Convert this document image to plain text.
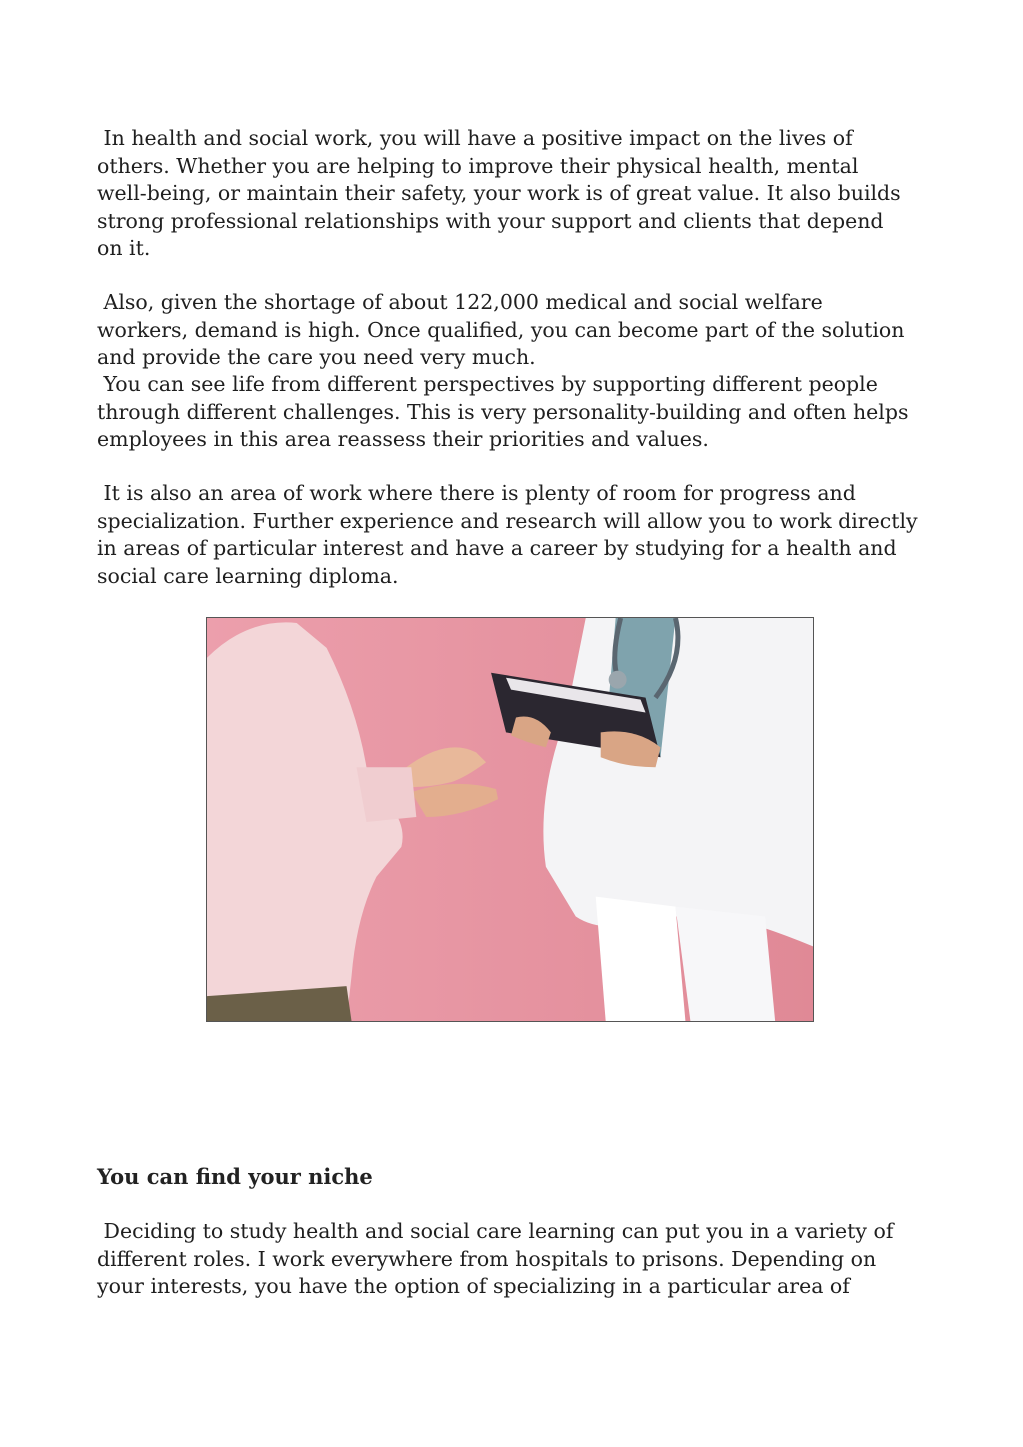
In health and social work, you will have a positive impact on the lives of
others. Whether you are helping to improve their physical health, mental
well-being, or maintain their safety, your work is of great value. It also builds
strong professional relationships with your support and clients that depend
on it.

Also, given the shortage of about 122,000 medical and social welfare
workers, demand is high. Once qualified, you can become part of the solution
and provide the care you need very much.

You can see life from different perspectives by supporting different people
through different challenges. This is very personality-building and often helps
employees in this area reassess their priorities and values.

It is also an area of work where there is plenty of room for progress and
specialization. Further experience and research will allow you to work directly
in areas of particular interest and have a career by studying for a health and
social care learning diploma.

You can find your niche

Deciding to study health and social care learning can put you in a variety of
different roles. I work everywhere from hospitals to prisons. Depending on
your interests, you have the option of specializing in a particular area of
